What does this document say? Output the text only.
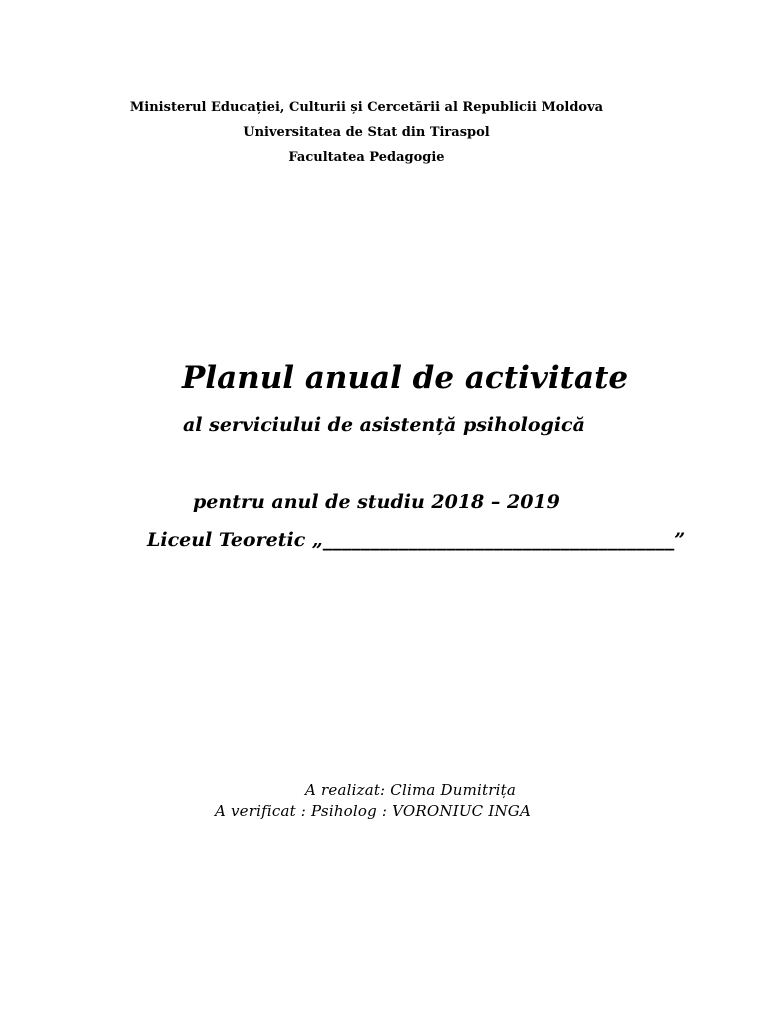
Ministerul Educației, Culturii și Cercetării al Republicii Moldova
Universitatea de Stat din Tiraspol
Facultatea Pedagogie
Planul anual de activitate
al serviciului de asistență psihologică
pentru anul de studiu 2018 – 2019
Liceul Teoretic „_____________________________________”
A realizat: Clima Dumitrița
A verificat : Psiholog : VORONIUC INGA
